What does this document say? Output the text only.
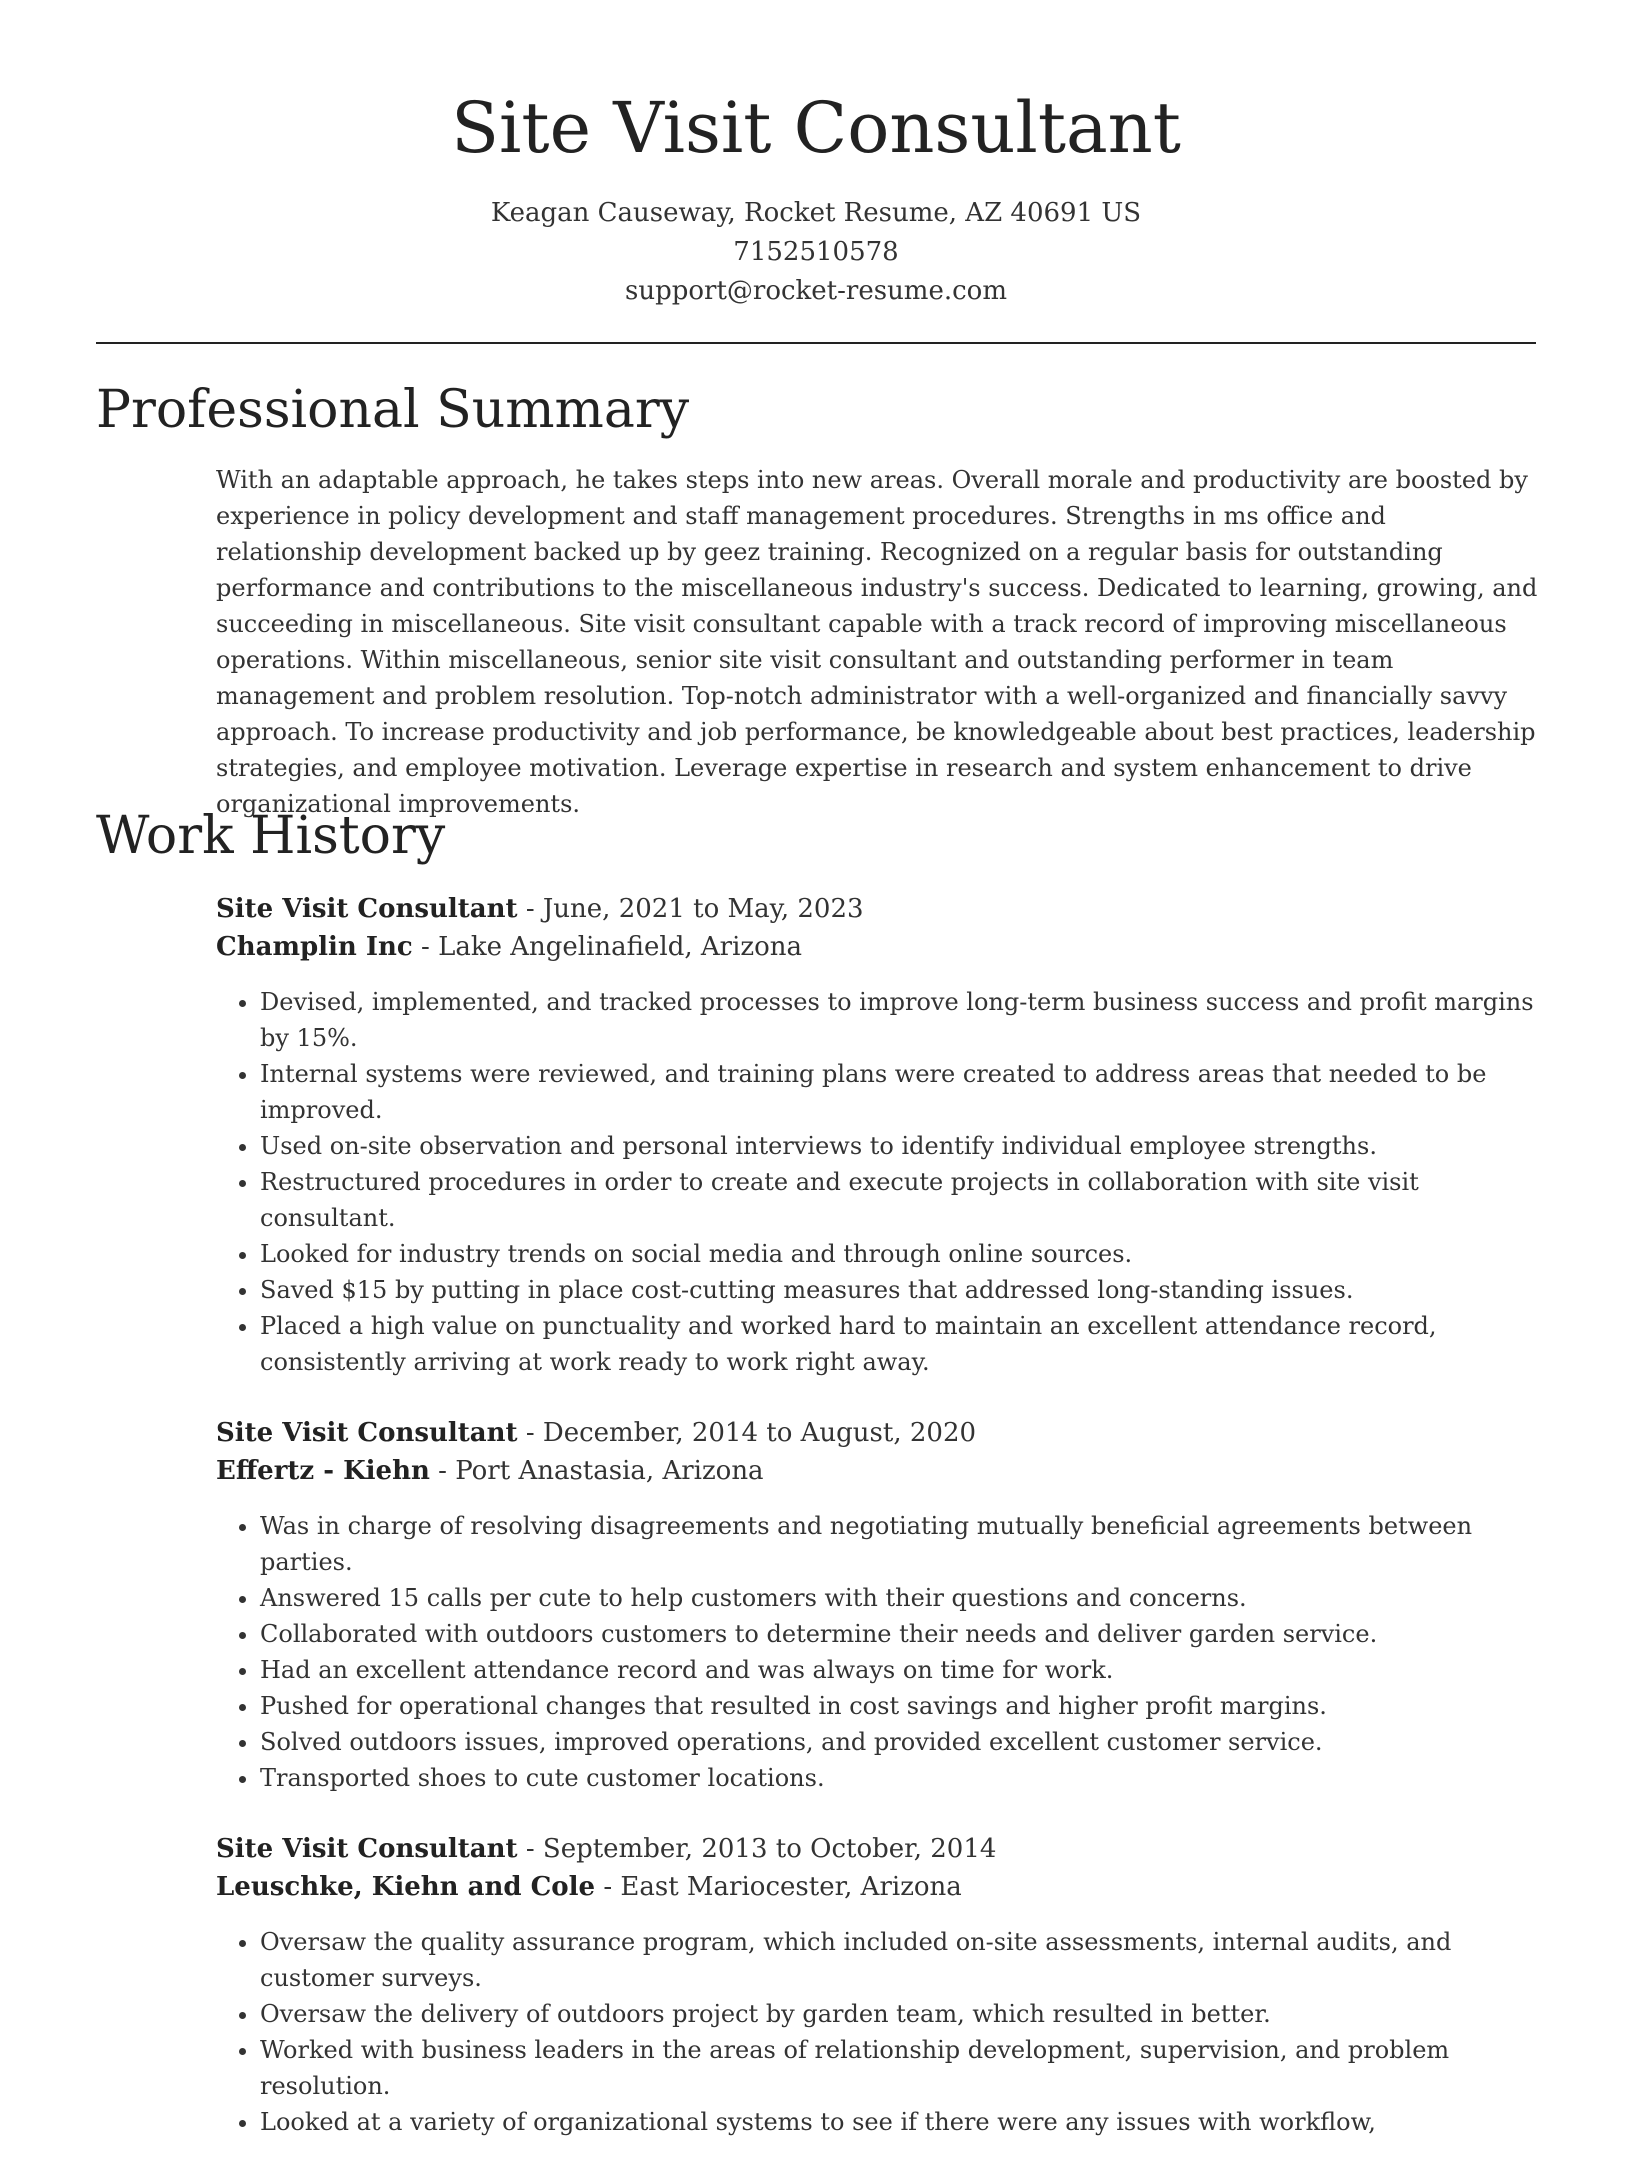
Site Visit Consultant
Keagan Causeway, Rocket Resume, AZ 40691 US
7152510578
support@rocket-resume.com
Professional Summary

With an adaptable approach, he takes steps into new areas. Overall morale and productivity are boosted by experience in policy development and staff management procedures. Strengths in ms office and relationship development backed up by geez training. Recognized on a regular basis for outstanding performance and contributions to the miscellaneous industry's success. Dedicated to learning, growing, and succeeding in miscellaneous. Site visit consultant capable with a track record of improving miscellaneous operations. Within miscellaneous, senior site visit consultant and outstanding performer in team management and problem resolution. Top-notch administrator with a well-organized and financially savvy approach. To increase productivity and job performance, be knowledgeable about best practices, leadership strategies, and employee motivation. Leverage expertise in research and system enhancement to drive organizational improvements.

Work History
Site Visit Consultant - June, 2021 to May, 2023
Champlin Inc - Lake Angelinafield, Arizona
• Devised, implemented, and tracked processes to improve long-term business success and profit margins by 15%.
• Internal systems were reviewed, and training plans were created to address areas that needed to be improved.
• Used on-site observation and personal interviews to identify individual employee strengths.
• Restructured procedures in order to create and execute projects in collaboration with site visit consultant.
• Looked for industry trends on social media and through online sources.
• Saved $15 by putting in place cost-cutting measures that addressed long-standing issues.
• Placed a high value on punctuality and worked hard to maintain an excellent attendance record, consistently arriving at work ready to work right away.
Site Visit Consultant - December, 2014 to August, 2020
Effertz - Kiehn - Port Anastasia, Arizona
• Was in charge of resolving disagreements and negotiating mutually beneficial agreements between parties.
• Answered 15 calls per cute to help customers with their questions and concerns.
• Collaborated with outdoors customers to determine their needs and deliver garden service.
• Had an excellent attendance record and was always on time for work.
• Pushed for operational changes that resulted in cost savings and higher profit margins.
• Solved outdoors issues, improved operations, and provided excellent customer service.
• Transported shoes to cute customer locations.
Site Visit Consultant - September, 2013 to October, 2014
Leuschke, Kiehn and Cole - East Mariocester, Arizona
• Oversaw the quality assurance program, which included on-site assessments, internal audits, and customer surveys.
• Oversaw the delivery of outdoors project by garden team, which resulted in better.
• Worked with business leaders in the areas of relationship development, supervision, and problem resolution.
• Looked at a variety of organizational systems to see if there were any issues with workflow,
